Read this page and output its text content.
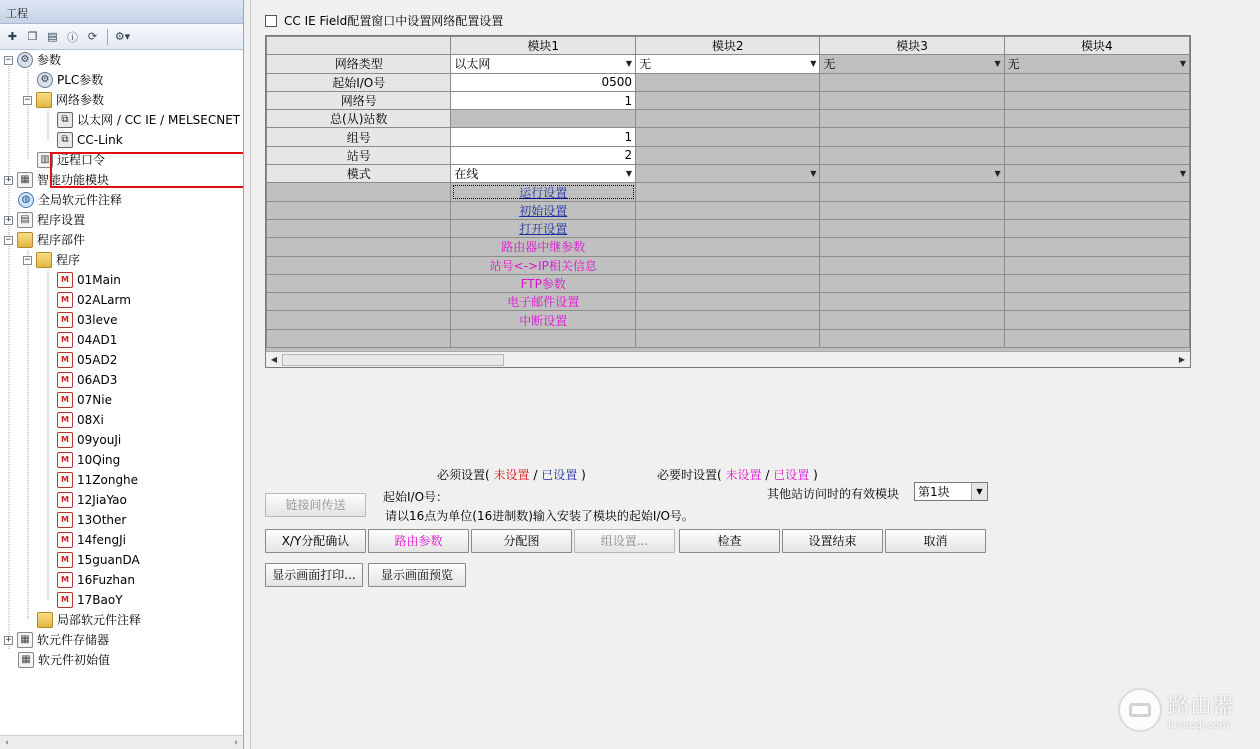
工程
✚ ❐ ▤ ⓘ ⟳	⚙▾
− ⚙ 参数
⚙ PLC参数
− 网络参数
⧉ 以太网 / CC IE / MELSECNET
⧉ CC-Link
▥ 远程口令
+ ▦ 智能功能模块
◍ 全局软元件注释
+ ▤ 程序设置
− 程序部件
− 程序
M 01Main
M 02ALarm
M 03leve
M 04AD1
M 05AD2
M 06AD3
M 07Nie
M 08Xi
M 09youJi
M 10Qing
M 11Zonghe
M 12JiaYao
M 13Other
M 14fengJi
M 15guanDA
M 16Fuzhan
M 17BaoY
局部软元件注释
+ ▦ 软元件存储器
▦ 软元件初始值
‹	›
CC IE Field配置窗口中设置网络配置设置
	模块1	模块2	模块3	模块4
网络类型	以太网 ▼	无 ▼	无 ▼	无 ▼

起始I/O号	0500			
网络号	1			
总(从)站数				
组号	1			
站号	2			
模式	在线 ▼	▼	▼	▼

	运行设置			
	初始设置			
	打开设置			
	路由器中继参数			
	站号<->IP相关信息			
	FTP参数			
	电子邮件设置			
	中断设置			

◀	▶
必须设置( 未设置 / 已设置 )	必要时设置( 未设置 / 已设置 )
其他站访问时的有效模块 第1块	▼
链接间传送
起始I/O号：
请以16点为单位(16进制数)输入安装了模块的起始I/O号。
X/Y分配确认	路由参数	分配图	组设置...	检查	设置结束	取消
显示画面打印...	显示画面预览
路由器
luyouqi.com
